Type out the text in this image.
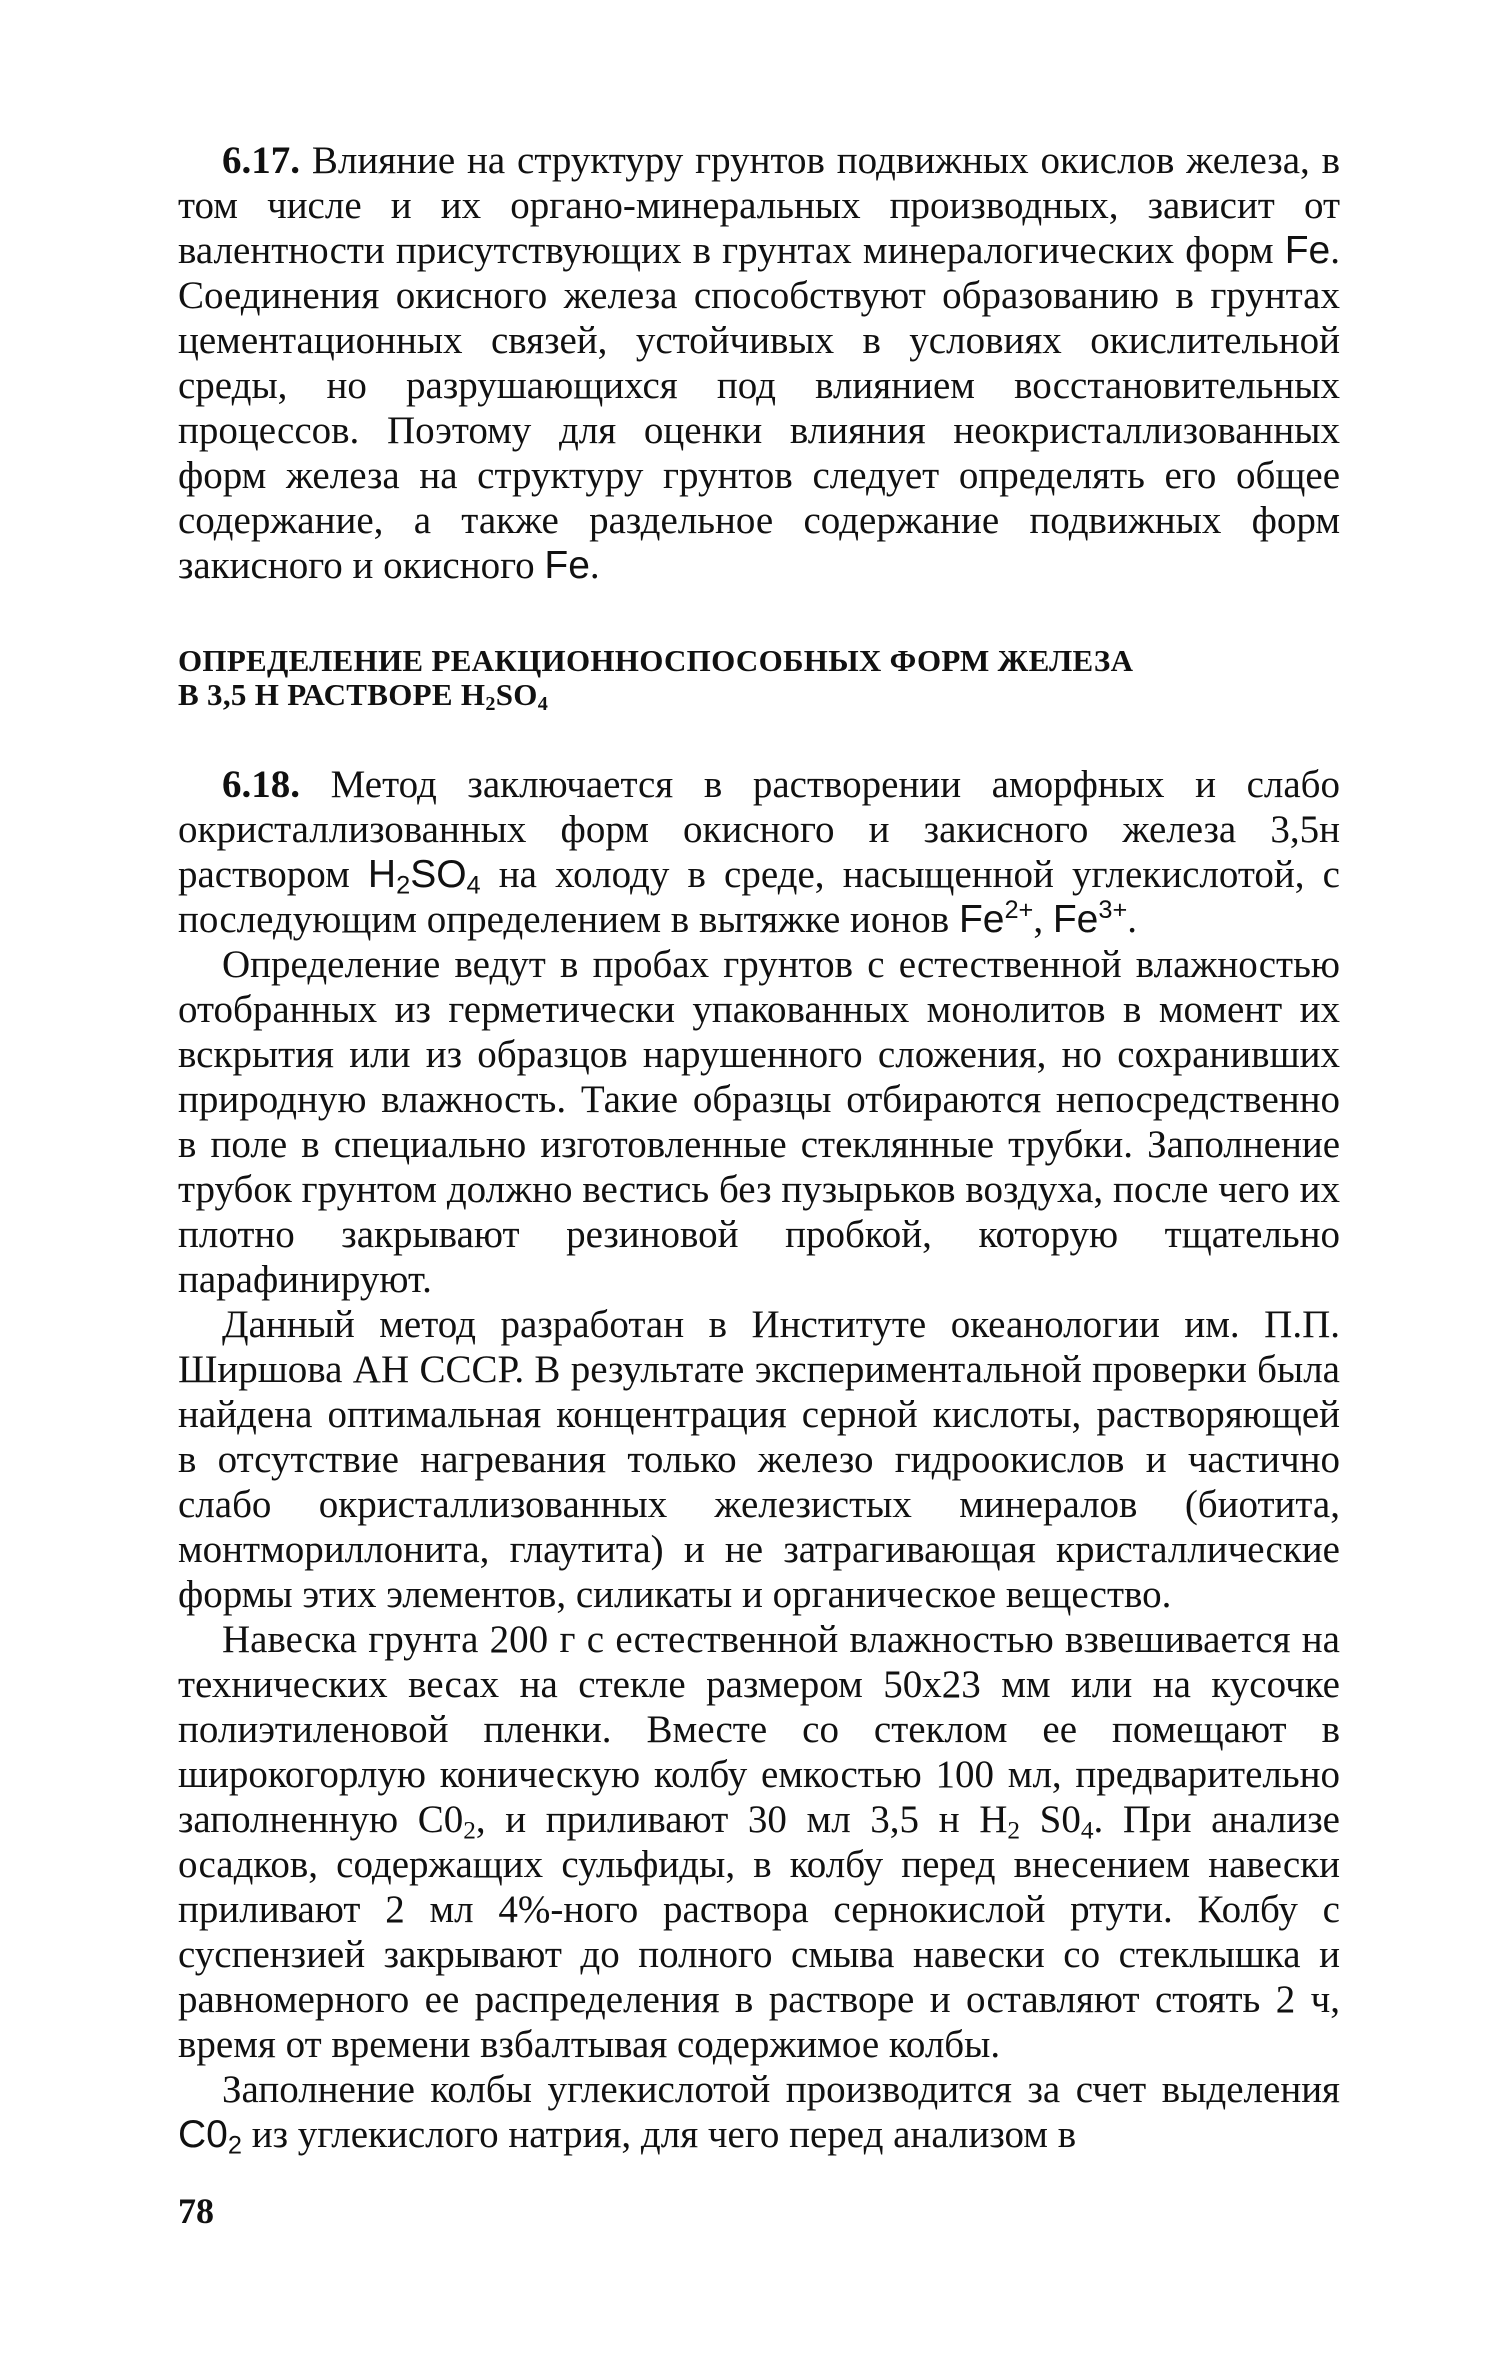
6.17. Влияние на структуру грунтов подвижных окислов железа, в том числе и их органо-минеральных производных, зависит от валентности присутствующих в грунтах минералогических форм Fe. Соединения окисного железа способствуют образованию в грунтах цементационных связей, устойчивых в условиях окислительной среды, но разрушающихся под влиянием восстановительных процессов. Поэтому для оценки влияния неокристаллизованных форм железа на структуру грунтов следует определять его общее содержание, а также раздельное содержание подвижных форм закисного и окисного Fe.

ОПРЕДЕЛЕНИЕ РЕАКЦИОННОСПОСОБНЫХ ФОРМ ЖЕЛЕЗА
В 3,5 Н РАСТВОРЕ $H_2SO_4$

6.18. Метод заключается в растворении аморфных и слабо окристаллизованных форм окисного и закисного железа 3,5н раствором $H_2SO_4$ на холоду в среде, насыщенной углекислотой, с последующим определением в вытяжке ионов $Fe^{2+}$, $Fe^{3+}$.

Определение ведут в пробах грунтов с естественной влажностью отобранных из герметически упакованных монолитов в момент их вскрытия или из образцов нарушенного сложения, но сохранивших природную влажность. Такие образцы отбираются непосредственно в поле в специально изготовленные стеклянные трубки. Заполнение трубок грунтом должно вестись без пузырьков воздуха, после чего их плотно закрывают резиновой пробкой, которую тщательно парафинируют.

Данный метод разработан в Институте океанологии им. П.П. Ширшова АН СССР. В результате экспериментальной проверки была найдена оптимальная концентрация серной кислоты, растворяющей в отсутствие нагревания только железо гидроокислов и частично слабо окристаллизованных железистых минералов (биотита, монтмориллонита, глаутита) и не затрагивающая кристаллические формы этих элементов, силикаты и органическое вещество.

Навеска грунта 200 г с естественной влажностью взвешивается на технических весах на стекле размером 50x23 мм или на кусочке полиэтиленовой пленки. Вместе со стеклом ее помещают в широкогорлую коническую колбу емкостью 100 мл, предварительно заполненную $C0_2$, и приливают 30 мл 3,5 н $H_2$ $S0_4$. При анализе осадков, содержащих сульфиды, в колбу перед внесением навески приливают 2 мл 4%-ного раствора сернокислой ртути. Колбу с суспензией закрывают до полного смыва навески со стеклышка и равномерного ее распределения в растворе и оставляют стоять 2 ч, время от времени взбалтывая содержимое колбы.

Заполнение колбы углекислотой производится за счет выделения $C0_2$ из углекислого натрия, для чего перед анализом в

78
